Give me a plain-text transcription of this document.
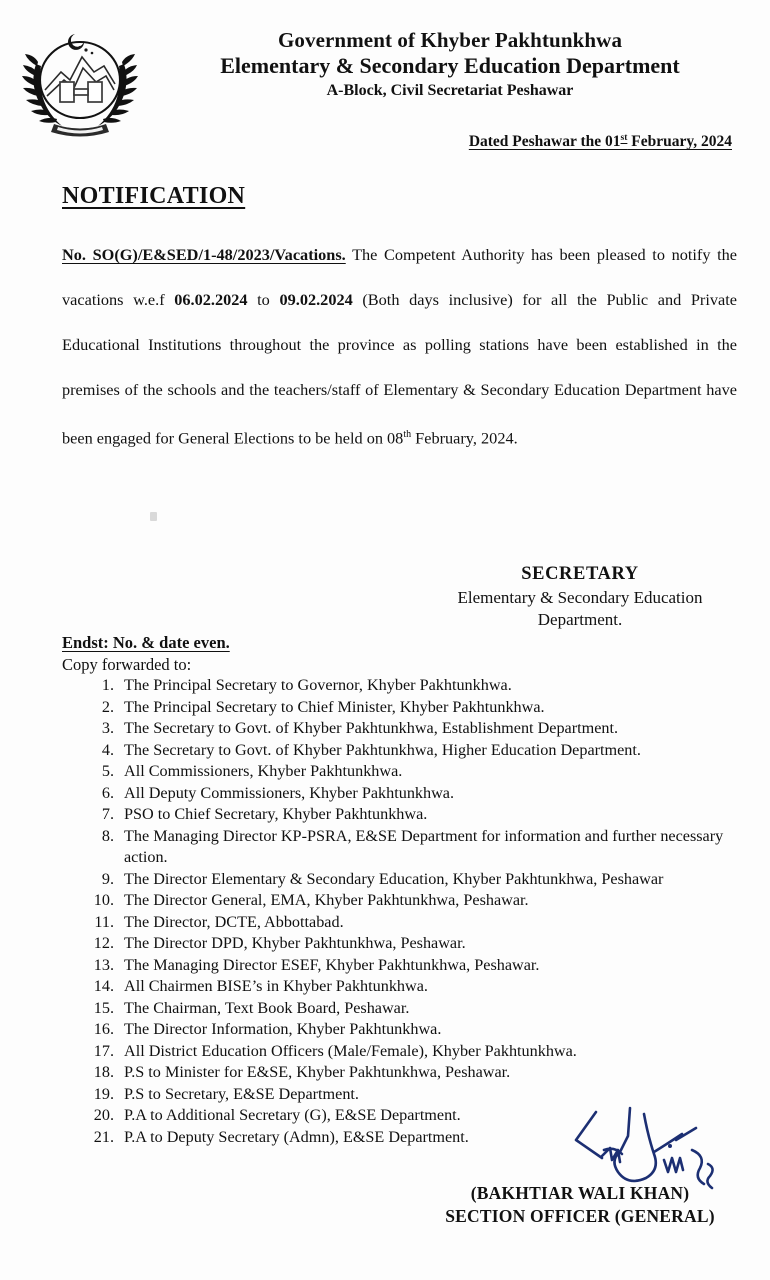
Government of Khyber Pakhtunkhwa
Elementary & Secondary Education Department
A-Block, Civil Secretariat Peshawar
Dated Peshawar the 01st February, 2024
NOTIFICATION
No. SO(G)/E&SED/1-48/2023/Vacations. The Competent Authority has been pleased to notify the vacations w.e.f 06.02.2024 to 09.02.2024 (Both days inclusive) for all the Public and Private Educational Institutions throughout the province as polling stations have been established in the premises of the schools and the teachers/staff of Elementary & Secondary Education Department have been engaged for General Elections to be held on 08th February, 2024.
SECRETARY
Elementary & Secondary Education
Department.
Endst: No. & date even.
Copy forwarded to:
1. The Principal Secretary to Governor, Khyber Pakhtunkhwa.
2. The Principal Secretary to Chief Minister, Khyber Pakhtunkhwa.
3. The Secretary to Govt. of Khyber Pakhtunkhwa, Establishment Department.
4. The Secretary to Govt. of Khyber Pakhtunkhwa, Higher Education Department.
5. All Commissioners, Khyber Pakhtunkhwa.
6. All Deputy Commissioners, Khyber Pakhtunkhwa.
7. PSO to Chief Secretary, Khyber Pakhtunkhwa.
8. The Managing Director KP-PSRA, E&SE Department for information and further necessary action.
9. The Director Elementary & Secondary Education, Khyber Pakhtunkhwa, Peshawar
10. The Director General, EMA, Khyber Pakhtunkhwa, Peshawar.
11. The Director, DCTE, Abbottabad.
12. The Director DPD, Khyber Pakhtunkhwa, Peshawar.
13. The Managing Director ESEF, Khyber Pakhtunkhwa, Peshawar.
14. All Chairmen BISE’s in Khyber Pakhtunkhwa.
15. The Chairman, Text Book Board, Peshawar.
16. The Director Information, Khyber Pakhtunkhwa.
17. All District Education Officers (Male/Female), Khyber Pakhtunkhwa.
18. P.S to Minister for E&SE, Khyber Pakhtunkhwa, Peshawar.
19. P.S to Secretary, E&SE Department.
20. P.A to Additional Secretary (G), E&SE Department.
21. P.A to Deputy Secretary (Admn), E&SE Department.
(BAKHTIAR WALI KHAN)
SECTION OFFICER (GENERAL)
